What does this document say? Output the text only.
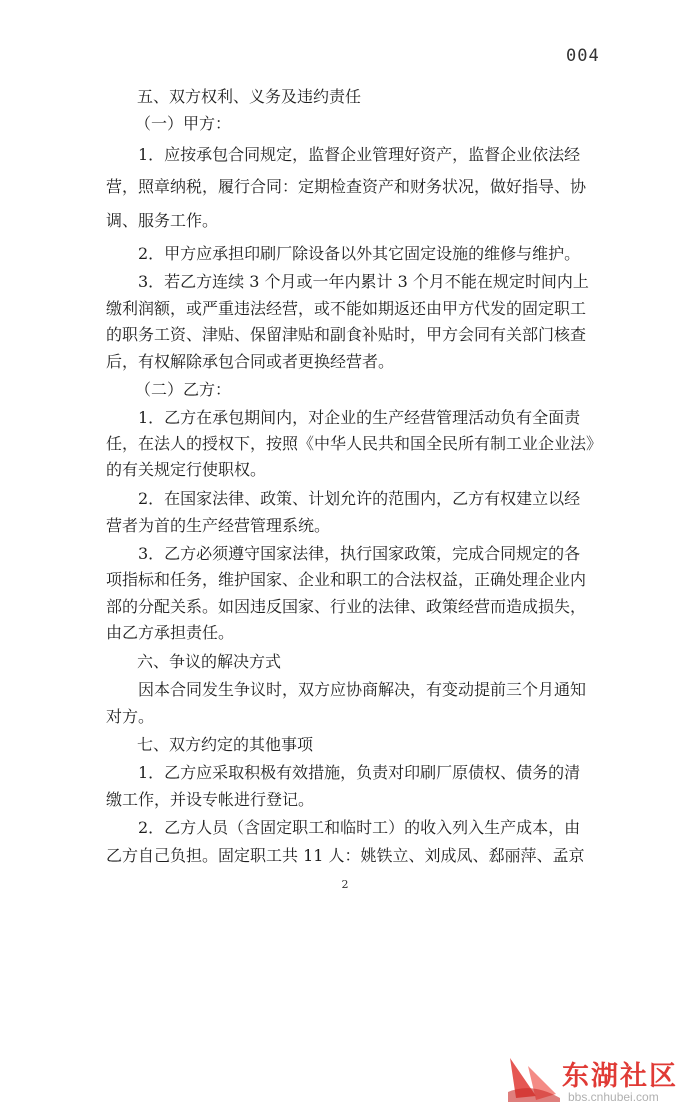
004
五、双方权利、义务及违约责任
（一）甲方：
1．应按承包合同规定，监督企业管理好资产，监督企业依法经
营，照章纳税，履行合同：定期检查资产和财务状况，做好指导、协
调、服务工作。
2．甲方应承担印刷厂除设备以外其它固定设施的维修与维护。
3．若乙方连续 3 个月或一年内累计 3 个月不能在规定时间内上
缴利润额，或严重违法经营，或不能如期返还由甲方代发的固定职工
的职务工资、津贴、保留津贴和副食补贴时，甲方会同有关部门核查
后，有权解除承包合同或者更换经营者。
（二）乙方：
1．乙方在承包期间内，对企业的生产经营管理活动负有全面责
任，在法人的授权下，按照《中华人民共和国全民所有制工业企业法》
的有关规定行使职权。
2．在国家法律、政策、计划允许的范围内，乙方有权建立以经
营者为首的生产经营管理系统。
3．乙方必须遵守国家法律，执行国家政策，完成合同规定的各
项指标和任务，维护国家、企业和职工的合法权益，正确处理企业内
部的分配关系。如因违反国家、行业的法律、政策经营而造成损失，
由乙方承担责任。
六、争议的解决方式
因本合同发生争议时，双方应协商解决，有变动提前三个月通知
对方。
七、双方约定的其他事项
1．乙方应采取积极有效措施，负责对印刷厂原债权、债务的清
缴工作，并设专帐进行登记。
2．乙方人员（含固定职工和临时工）的收入列入生产成本，由
乙方自己负担。固定职工共 11 人：姚铁立、刘成凤、郄丽萍、孟京
2
东湖社区
bbs.cnhubei.com
